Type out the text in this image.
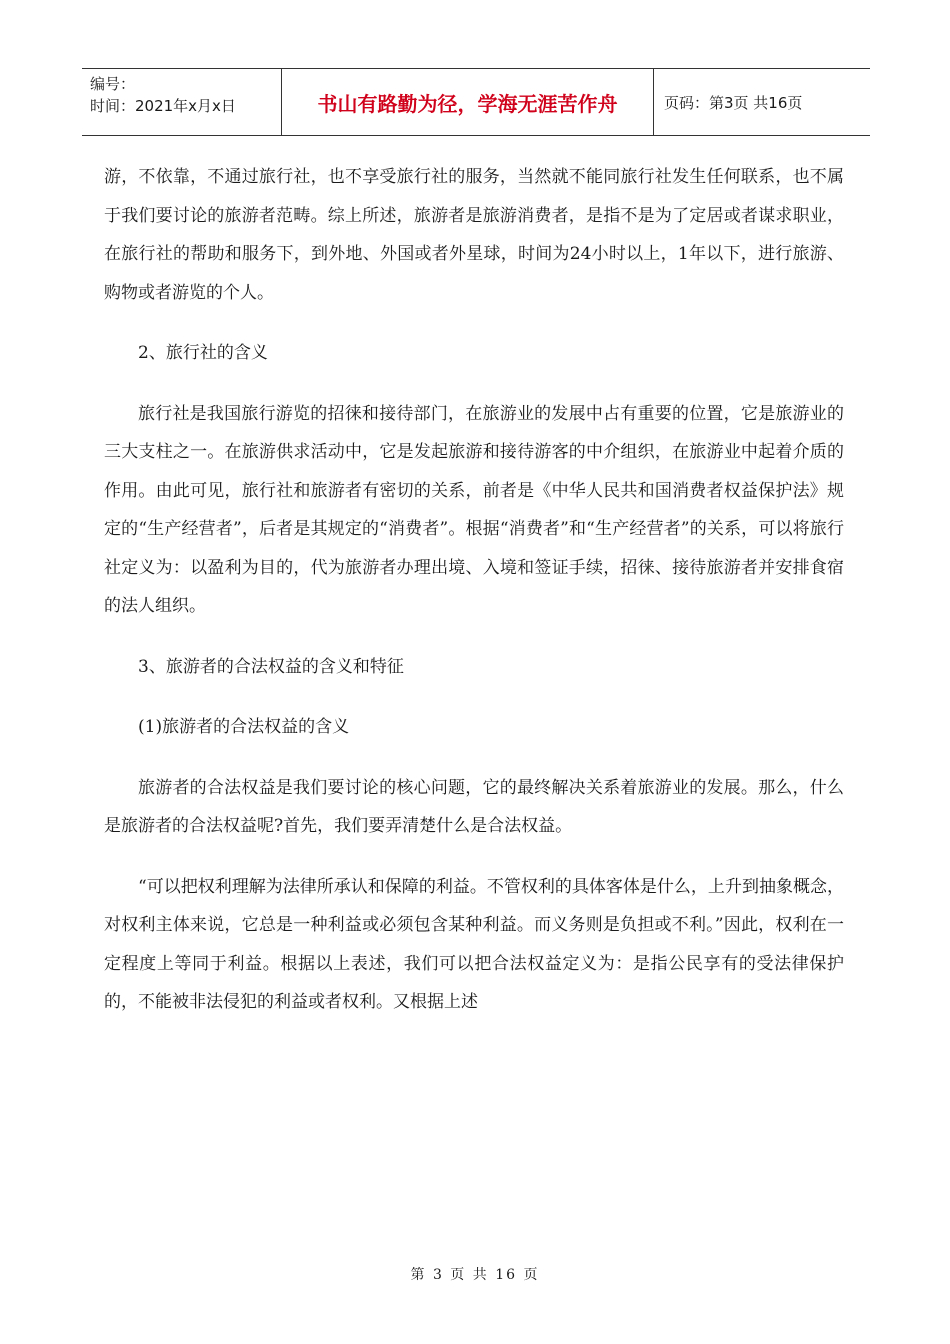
编号：
时间：2021年x月x日	书山有路勤为径，学海无涯苦作舟	页码：第3页 共16页

游，不依靠，不通过旅行社，也不享受旅行社的服务，当然就不能同旅行社发生任何联系，也不属于我们要讨论的旅游者范畴。综上所述，旅游者是旅游消费者，是指不是为了定居或者谋求职业，在旅行社的帮助和服务下，到外地、外国或者外星球，时间为24小时以上，1年以下，进行旅游、购物或者游览的个人。

2、旅行社的含义

旅行社是我国旅行游览的招徕和接待部门，在旅游业的发展中占有重要的位置，它是旅游业的三大支柱之一。在旅游供求活动中，它是发起旅游和接待游客的中介组织，在旅游业中起着介质的作用。由此可见，旅行社和旅游者有密切的关系，前者是《中华人民共和国消费者权益保护法》规定的“生产经营者”，后者是其规定的“消费者”。根据“消费者”和“生产经营者”的关系，可以将旅行社定义为：以盈利为目的，代为旅游者办理出境、入境和签证手续，招徕、接待旅游者并安排食宿的法人组织。

3、旅游者的合法权益的含义和特征

(1)旅游者的合法权益的含义

旅游者的合法权益是我们要讨论的核心问题，它的最终解决关系着旅游业的发展。那么，什么是旅游者的合法权益呢?首先，我们要弄清楚什么是合法权益。

“可以把权利理解为法律所承认和保障的利益。不管权利的具体客体是什么，上升到抽象概念，对权利主体来说，它总是一种利益或必须包含某种利益。而义务则是负担或不利。”因此，权利在一定程度上等同于利益。根据以上表述，我们可以把合法权益定义为：是指公民享有的受法律保护的，不能被非法侵犯的利益或者权利。又根据上述

第 3 页 共 16 页
